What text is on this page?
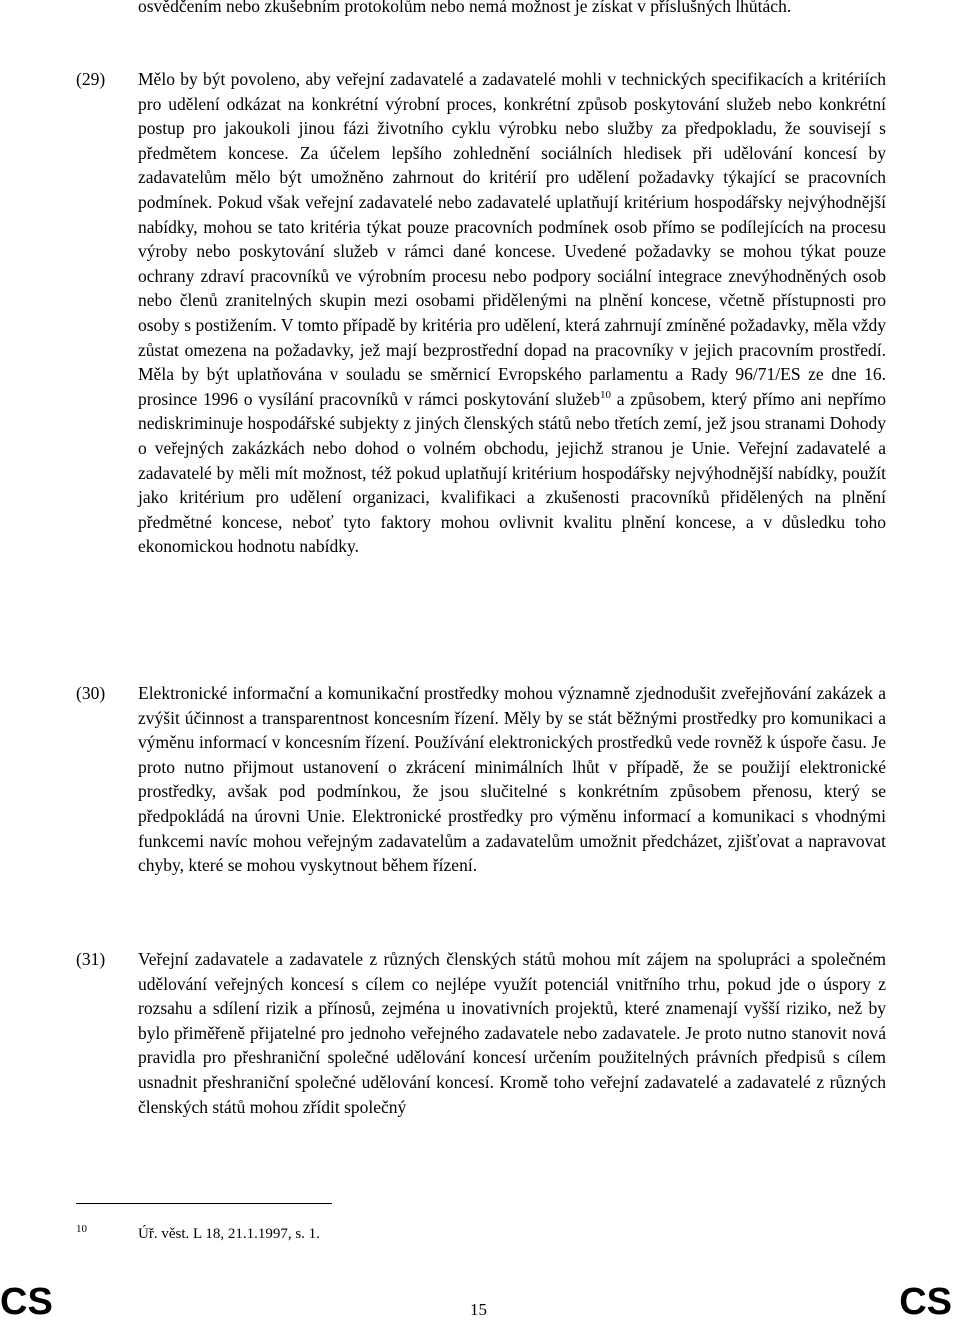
osvědčením nebo zkušebním protokolům nebo nemá možnost je získat v příslušných lhůtách.

(29) Mělo by být povoleno, aby veřejní zadavatelé a zadavatelé mohli v technických specifikacích a kritériích pro udělení odkázat na konkrétní výrobní proces, konkrétní způsob poskytování služeb nebo konkrétní postup pro jakoukoli jinou fázi životního cyklu výrobku nebo služby za předpokladu, že souvisejí s předmětem koncese. Za účelem lepšího zohlednění sociálních hledisek při udělování koncesí by zadavatelům mělo být umožněno zahrnout do kritérií pro udělení požadavky týkající se pracovních podmínek. Pokud však veřejní zadavatelé nebo zadavatelé uplatňují kritérium hospodářsky nejvýhodnější nabídky, mohou se tato kritéria týkat pouze pracovních podmínek osob přímo se podílejících na procesu výroby nebo poskytování služeb v rámci dané koncese. Uvedené požadavky se mohou týkat pouze ochrany zdraví pracovníků ve výrobním procesu nebo podpory sociální integrace znevýhodněných osob nebo členů zranitelných skupin mezi osobami přidělenými na plnění koncese, včetně přístupnosti pro osoby s postižením. V tomto případě by kritéria pro udělení, která zahrnují zmíněné požadavky, měla vždy zůstat omezena na požadavky, jež mají bezprostřední dopad na pracovníky v jejich pracovním prostředí. Měla by být uplatňována v souladu se směrnicí Evropského parlamentu a Rady 96/71/ES ze dne 16. prosince 1996 o vysílání pracovníků v rámci poskytování služeb$^{10}$ a způsobem, který přímo ani nepřímo nediskriminuje hospodářské subjekty z jiných členských států nebo třetích zemí, jež jsou stranami Dohody o veřejných zakázkách nebo dohod o volném obchodu, jejichž stranou je Unie. Veřejní zadavatelé a zadavatelé by měli mít možnost, též pokud uplatňují kritérium hospodářsky nejvýhodnější nabídky, použít jako kritérium pro udělení organizaci, kvalifikaci a zkušenosti pracovníků přidělených na plnění předmětné koncese, neboť tyto faktory mohou ovlivnit kvalitu plnění koncese, a v důsledku toho ekonomickou hodnotu nabídky.

(30) Elektronické informační a komunikační prostředky mohou významně zjednodušit zveřejňování zakázek a zvýšit účinnost a transparentnost koncesním řízení. Měly by se stát běžnými prostředky pro komunikaci a výměnu informací v koncesním řízení. Používání elektronických prostředků vede rovněž k úspoře času. Je proto nutno přijmout ustanovení o zkrácení minimálních lhůt v případě, že se použijí elektronické prostředky, avšak pod podmínkou, že jsou slučitelné s konkrétním způsobem přenosu, který se předpokládá na úrovni Unie. Elektronické prostředky pro výměnu informací a komunikaci s vhodnými funkcemi navíc mohou veřejným zadavatelům a zadavatelům umožnit předcházet, zjišťovat a napravovat chyby, které se mohou vyskytnout během řízení.

(31) Veřejní zadavatele a zadavatele z různých členských států mohou mít zájem na spolupráci a společném udělování veřejných koncesí s cílem co nejlépe využít potenciál vnitřního trhu, pokud jde o úspory z rozsahu a sdílení rizik a přínosů, zejména u inovativních projektů, které znamenají vyšší riziko, než by bylo přiměřeně přijatelné pro jednoho veřejného zadavatele nebo zadavatele. Je proto nutno stanovit nová pravidla pro přeshraniční společné udělování koncesí určením použitelných právních předpisů s cílem usnadnit přeshraniční společné udělování koncesí. Kromě toho veřejní zadavatelé a zadavatelé z různých členských států mohou zřídit společný

10	Úř. věst. L 18, 21.1.1997, s. 1.
CS	15	CS
